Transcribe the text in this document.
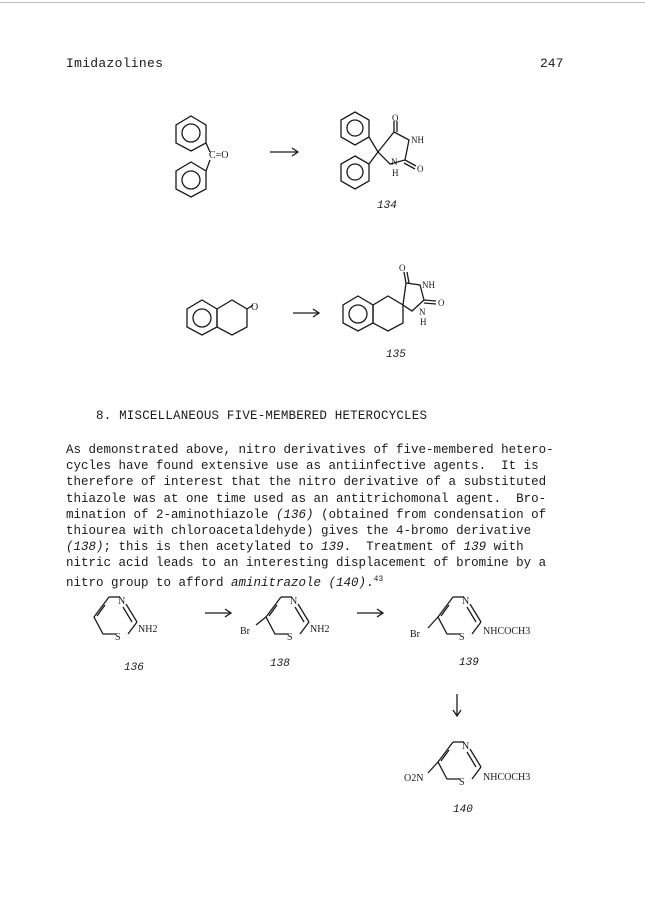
Imidazolines	247
C=O
O
NH
N
H O
134
O
O
NH
N
H
O
135
N
S
NH2
136
N
S
Br	NH2
138
N
S
Br	NHCOCH3
139
N
S
O2N	NHCOCH3
140
8. MISCELLANEOUS FIVE-MEMBERED HETEROCYCLES

As demonstrated above, nitro derivatives of five-membered hetero-

cycles have found extensive use as antiinfective agents.  It is

therefore of interest that the nitro derivative of a substituted

thiazole was at one time used as an antitrichomonal agent.  Bro-

mination of 2-aminothiazole (136) (obtained from condensation of

thiourea with chloroacetaldehyde) gives the 4-bromo derivative

(138); this is then acetylated to 139.  Treatment of 139 with

nitric acid leads to an interesting displacement of bromine by a

nitro group to afford aminitrazole (140).$^{43}$
